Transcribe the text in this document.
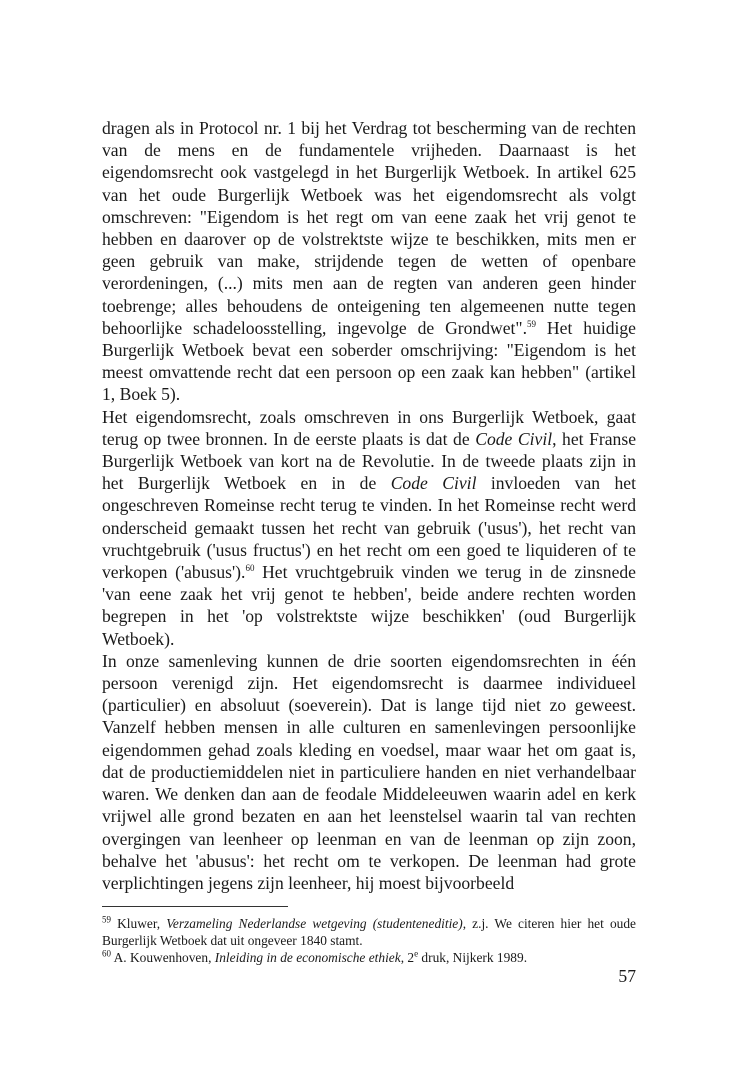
dragen als in Protocol nr. 1 bij het Verdrag tot bescherming van de rechten van de mens en de fundamentele vrijheden. Daarnaast is het eigendomsrecht ook vastgelegd in het Burgerlijk Wetboek. In artikel 625 van het oude Burgerlijk Wetboek was het eigendomsrecht als volgt omschreven: "Eigendom is het regt om van eene zaak het vrij genot te hebben en daarover op de volstrektste wijze te beschikken, mits men er geen gebruik van make, strijdende tegen de wetten of openbare verordeningen, (...) mits men aan de regten van anderen geen hinder toebrenge; alles behoudens de onteigening ten algemeenen nutte tegen behoorlijke schadeloosstelling, ingevolge de Grondwet".$^{59}$ Het huidige Burgerlijk Wetboek bevat een soberder omschrijving: "Eigendom is het meest omvattende recht dat een persoon op een zaak kan hebben" (artikel 1, Boek 5).

Het eigendomsrecht, zoals omschreven in ons Burgerlijk Wetboek, gaat terug op twee bronnen. In de eerste plaats is dat de Code Civil, het Franse Burgerlijk Wetboek van kort na de Revolutie. In de tweede plaats zijn in het Burgerlijk Wetboek en in de Code Civil invloeden van het ongeschreven Romeinse recht terug te vinden. In het Romeinse recht werd onderscheid gemaakt tussen het recht van gebruik ('usus'), het recht van vruchtgebruik ('usus fructus') en het recht om een goed te liquideren of te verkopen ('abusus').$^{60}$ Het vruchtgebruik vinden we terug in de zinsnede 'van eene zaak het vrij genot te hebben', beide andere rechten worden begrepen in het 'op volstrektste wijze beschikken' (oud Burgerlijk Wetboek).

In onze samenleving kunnen de drie soorten eigendomsrechten in één persoon verenigd zijn. Het eigendomsrecht is daarmee individueel (particulier) en absoluut (soeverein). Dat is lange tijd niet zo geweest. Vanzelf hebben mensen in alle culturen en samenlevingen persoonlijke eigendommen gehad zoals kleding en voedsel, maar waar het om gaat is, dat de productiemiddelen niet in particuliere handen en niet verhandelbaar waren. We denken dan aan de feodale Middeleeuwen waarin adel en kerk vrijwel alle grond bezaten en aan het leenstelsel waarin tal van rechten overgingen van leenheer op leenman en van de leenman op zijn zoon, behalve het 'abusus': het recht om te verkopen. De leenman had grote verplichtingen jegens zijn leenheer, hij moest bijvoorbeeld

$^{59}$ Kluwer, Verzameling Nederlandse wetgeving (studenteneditie), z.j. We citeren hier het oude Burgerlijk Wetboek dat uit ongeveer 1840 stamt.

$^{60}$ A. Kouwenhoven, Inleiding in de economische ethiek, 2e druk, Nijkerk 1989.

57
